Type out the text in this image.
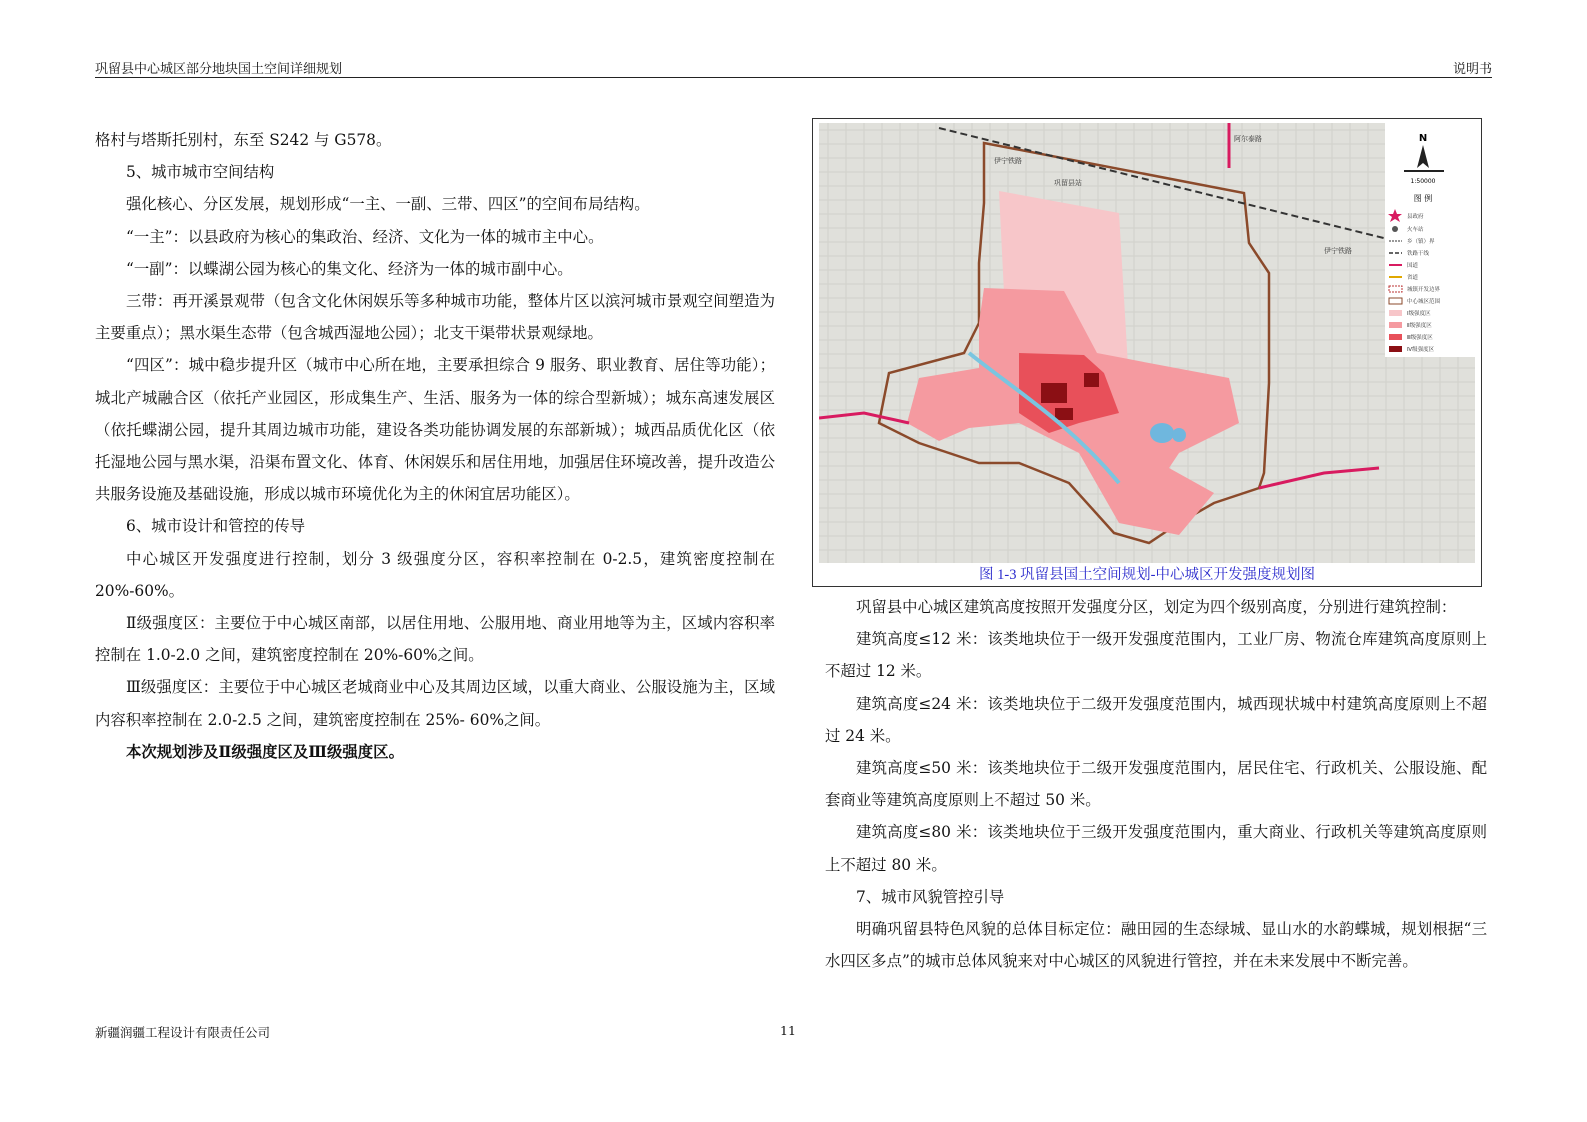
巩留县中心城区部分地块国土空间详细规划	说明书

格村与塔斯托别村，东至 S242 与 G578。

5、城市城市空间结构

强化核心、分区发展，规划形成“一主、一副、三带、四区”的空间布局结构。

“一主”：以县政府为核心的集政治、经济、文化为一体的城市主中心。

“一副”：以蝶湖公园为核心的集文化、经济为一体的城市副中心。

三带：再开溪景观带（包含文化休闲娱乐等多种城市功能，整体片区以滨河城市景观空间塑造为主要重点）；黑水渠生态带（包含城西湿地公园）；北支干渠带状景观绿地。

“四区”：城中稳步提升区（城市中心所在地，主要承担综合 9 服务、职业教育、居住等功能）；城北产城融合区（依托产业园区，形成集生产、生活、服务为一体的综合型新城）；城东高速发展区（依托蝶湖公园，提升其周边城市功能，建设各类功能协调发展的东部新城）；城西品质优化区（依托湿地公园与黑水渠，沿渠布置文化、体育、休闲娱乐和居住用地，加强居住环境改善，提升改造公共服务设施及基础设施，形成以城市环境优化为主的休闲宜居功能区）。

6、城市设计和管控的传导

中心城区开发强度进行控制，划分 3 级强度分区，容积率控制在 0-2.5，建筑密度控制在 20%-60%。

Ⅱ级强度区：主要位于中心城区南部，以居住用地、公服用地、商业用地等为主，区域内容积率控制在 1.0-2.0 之间，建筑密度控制在 20%-60%之间。

Ⅲ级强度区：主要位于中心城区老城商业中心及其周边区域，以重大商业、公服设施为主，区域内容积率控制在 2.0-2.5 之间，建筑密度控制在 25%- 60%之间。

本次规划涉及Ⅱ级强度区及Ⅲ级强度区。

伊宁铁路
伊宁铁路
巩留县站
阿尔泰路	N
1:50000
图 例
县政府
火车站
乡（镇）界
铁路干线
国道
省道
城镇开发边界
中心城区范围
Ⅰ级强度区
Ⅱ级强度区
Ⅲ级强度区
Ⅳ级强度区
图 1-3 巩留县国土空间规划-中心城区开发强度规划图

巩留县中心城区建筑高度按照开发强度分区，划定为四个级别高度，分别进行建筑控制：

建筑高度≤12 米：该类地块位于一级开发强度范围内，工业厂房、物流仓库建筑高度原则上不超过 12 米。

建筑高度≤24 米：该类地块位于二级开发强度范围内，城西现状城中村建筑高度原则上不超过 24 米。

建筑高度≤50 米：该类地块位于二级开发强度范围内，居民住宅、行政机关、公服设施、配套商业等建筑高度原则上不超过 50 米。

建筑高度≤80 米：该类地块位于三级开发强度范围内，重大商业、行政机关等建筑高度原则上不超过 80 米。

7、城市风貌管控引导

明确巩留县特色风貌的总体目标定位：融田园的生态绿城、显山水的水韵蝶城，规划根据“三水四区多点”的城市总体风貌来对中心城区的风貌进行管控，并在未来发展中不断完善。

新疆润疆工程设计有限责任公司	11
